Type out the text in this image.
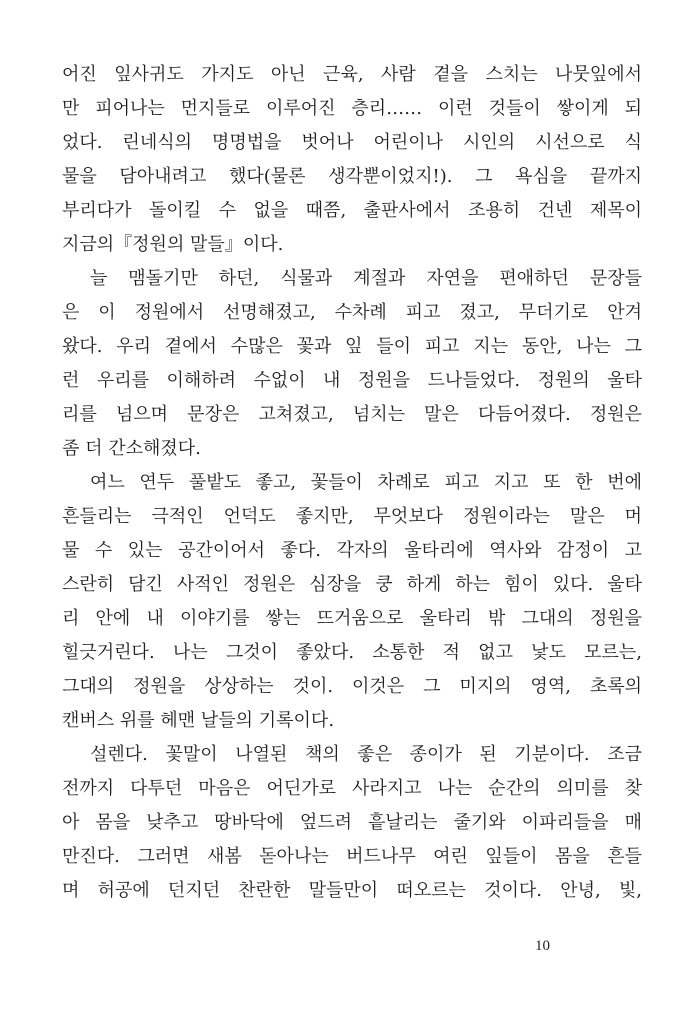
어진 잎사귀도 가지도 아닌 근육, 사람 곁을 스치는 나뭇잎에서
만 피어나는 먼지들로 이루어진 층리…… 이런 것들이 쌓이게 되
었다. 린네식의 명명법을 벗어나 어린이나 시인의 시선으로 식
물을 담아내려고 했다(물론 생각뿐이었지!). 그 욕심을 끝까지
부리다가 돌이킬 수 없을 때쯤, 출판사에서 조용히 건넨 제목이
지금의『정원의 말들』이다.
늘 맴돌기만 하던, 식물과 계절과 자연을 편애하던 문장들
은 이 정원에서 선명해졌고, 수차례 피고 졌고, 무더기로 안겨
왔다. 우리 곁에서 수많은 꽃과 잎 들이 피고 지는 동안, 나는 그
런 우리를 이해하려 수없이 내 정원을 드나들었다. 정원의 울타
리를 넘으며 문장은 고쳐졌고, 넘치는 말은 다듬어졌다. 정원은
좀 더 간소해졌다.
여느 연두 풀밭도 좋고, 꽃들이 차례로 피고 지고 또 한 번에
흔들리는 극적인 언덕도 좋지만, 무엇보다 정원이라는 말은 머
물 수 있는 공간이어서 좋다. 각자의 울타리에 역사와 감정이 고
스란히 담긴 사적인 정원은 심장을 쿵 하게 하는 힘이 있다. 울타
리 안에 내 이야기를 쌓는 뜨거움으로 울타리 밖 그대의 정원을
힐긋거린다. 나는 그것이 좋았다. 소통한 적 없고 낯도 모르는,
그대의 정원을 상상하는 것이. 이것은 그 미지의 영역, 초록의
캔버스 위를 헤맨 날들의 기록이다.
설렌다. 꽃말이 나열된 책의 좋은 종이가 된 기분이다. 조금
전까지 다투던 마음은 어딘가로 사라지고 나는 순간의 의미를 찾
아 몸을 낮추고 땅바닥에 엎드려 흩날리는 줄기와 이파리들을 매
만진다. 그러면 새봄 돋아나는 버드나무 여린 잎들이 몸을 흔들
며 허공에 던지던 찬란한 말들만이 떠오르는 것이다. 안녕, 빛,
10
